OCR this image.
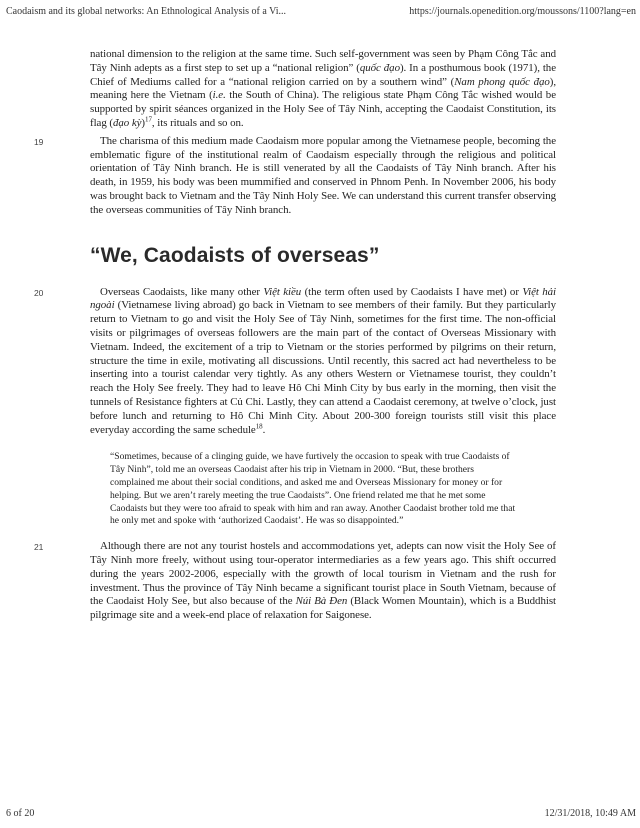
Caodaism and its global networks: An Ethnological Analysis of a Vi...	https://journals.openedition.org/moussons/1100?lang=en

national dimension to the religion at the same time. Such self-government was seen by Phạm Công Tắc and Tây Ninh adepts as a first step to set up a “national religion” (quốc đạo). In a posthumous book (1971), the Chief of Mediums called for a “national religion carried on by a southern wind” (Nam phong quốc đạo), meaning here the Vietnam (i.e. the South of China). The religious state Phạm Công Tắc wished would be supported by spirit séances organized in the Holy See of Tây Ninh, accepting the Caodaist Constitution, its flag (đạo kỳ)$^{17}$, its rituals and so on.

19	The charisma of this medium made Caodaism more popular among the Vietnamese people, becoming the emblematic figure of the institutional realm of Caodaism especially through the religious and political orientation of Tây Ninh branch. He is still venerated by all the Caodaists of Tây Ninh branch. After his death, in 1959, his body was been mummified and conserved in Phnom Penh. In November 2006, his body was brought back to Vietnam and the Tây Ninh Holy See. We can understand this current transfer observing the overseas communities of Tây Ninh branch.

“We, Caodaists of overseas”

20	Overseas Caodaists, like many other Việt kiều (the term often used by Caodaists I have met) or Việt hải ngoài (Vietnamese living abroad) go back in Vietnam to see members of their family. But they particularly return to Vietnam to go and visit the Holy See of Tây Ninh, sometimes for the first time. The non-official visits or pilgrimages of overseas followers are the main part of the contact of Overseas Missionary with Vietnam. Indeed, the excitement of a trip to Vietnam or the stories performed by pilgrims on their return, structure the time in exile, motivating all discussions. Until recently, this sacred act had nevertheless to be inserting into a tourist calendar very tightly. As any others Western or Vietnamese tourist, they couldn’t reach the Holy See freely. They had to leave Hô Chi Minh City by bus early in the morning, then visit the tunnels of Resistance fighters at Củ Chi. Lastly, they can attend a Caodaist ceremony, at twelve o’clock, just before lunch and returning to Hô Chi Minh City. About 200-300 foreign tourists still visit this place everyday according the same schedule$^{18}$.

“Sometimes, because of a clinging guide, we have furtively the occasion to speak with true Caodaists of Tây Ninh”, told me an overseas Caodaist after his trip in Vietnam in 2000. “But, these brothers complained me about their social conditions, and asked me and Overseas Missionary for money or for helping. But we aren’t rarely meeting the true Caodaists”. One friend related me that he met some Caodaists but they were too afraid to speak with him and ran away. Another Caodaist brother told me that he only met and spoke with ‘authorized Caodaist’. He was so disappointed.”

21	Although there are not any tourist hostels and accommodations yet, adepts can now visit the Holy See of Tây Ninh more freely, without using tour-operator intermediaries as a few years ago. This shift occurred during the years 2002-2006, especially with the growth of local tourism in Vietnam and the rush for investment. Thus the province of Tây Ninh became a significant tourist place in South Vietnam, because of the Caodaist Holy See, but also because of the Núi Bà Đen (Black Women Mountain), which is a Buddhist pilgrimage site and a week-end place of relaxation for Saigonese.

6 of 20	12/31/2018, 10:49 AM
